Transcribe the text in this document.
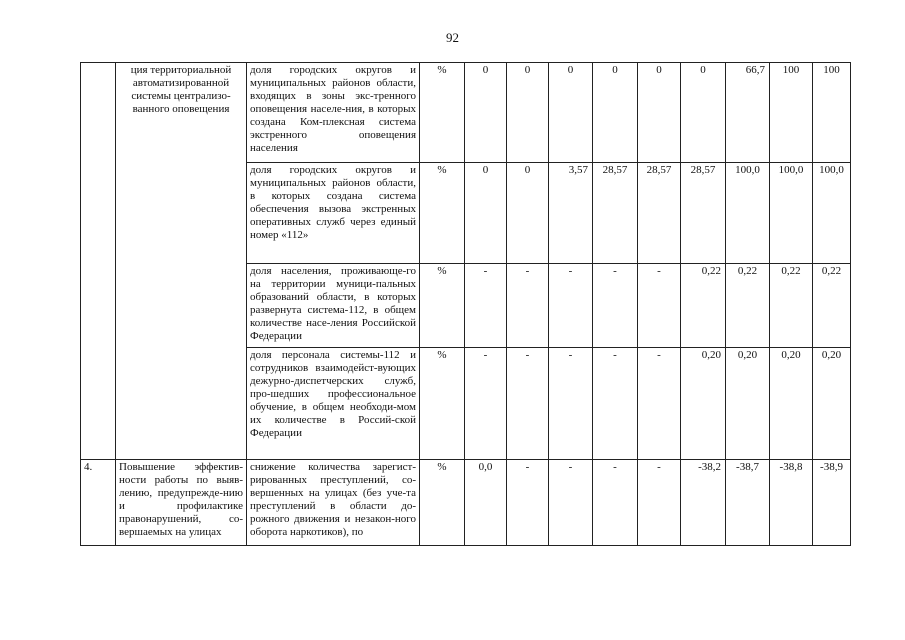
92

	ция территориальной автоматизированной системы централизо-ванного оповещения	доля городских округов и муниципальных районов области, входящих в зоны экс-тренного оповещения населе-ния, в которых создана Ком-плексная система экстренного оповещения населения	%	0	0	0	0	0	0	66,7	100	100

		доля городских округов и муниципальных районов области, в которых создана система обеспечения вызова экстренных оперативных служб через единый номер «112»	%	0	0	3,57	28,57	28,57	28,57	100,0	100,0	100,0

		доля населения, проживающе-го на территории муници-пальных образований области, в которых развернута система-112, в общем количестве насе-ления Российской Федерации	%	-	-	-	-	-	0,22	0,22	0,22	0,22

		доля персонала системы-112 и сотрудников взаимодейст-вующих дежурно-диспетчерских служб, про-шедших профессиональное обучение, в общем необходи-мом их количестве в Россий-ской Федерации	%	-	-	-	-	-	0,20	0,20	0,20	0,20
4.	Повышение эффектив-ности работы по выяв-лению, предупрежде-нию и профилактике правонарушений, со-вершаемых на улицах	снижение количества зарегист-рированных преступлений, со-вершенных на улицах (без уче-та преступлений в области до-рожного движения и незакон-ного оборота наркотиков), по	%	0,0	-	-	-	-	-38,2	-38,7	-38,8	-38,9
